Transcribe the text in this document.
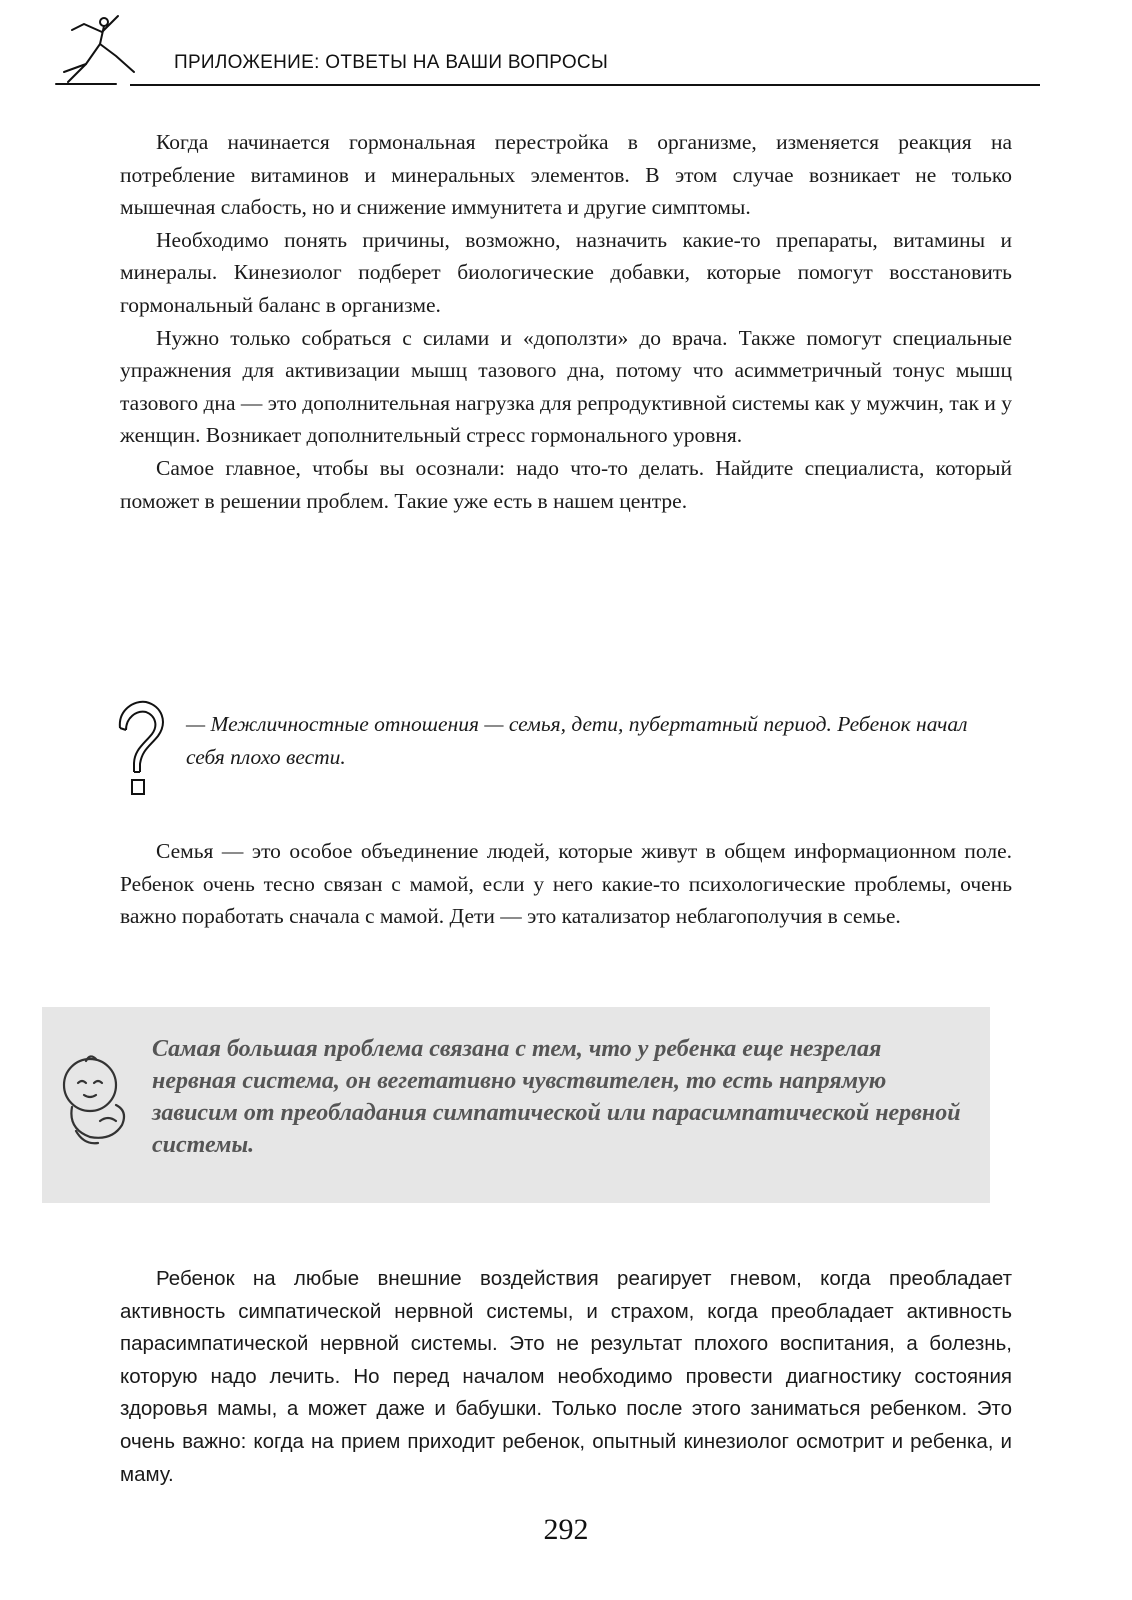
ПРИЛОЖЕНИЕ: ОТВЕТЫ НА ВАШИ ВОПРОСЫ

Когда начинается гормональная перестройка в организме, изменяется реакция на потребление витаминов и минеральных элементов. В этом случае возникает не только мышечная слабость, но и снижение иммунитета и другие симптомы.

Необходимо понять причины, возможно, назначить какие-то препараты, витамины и минералы. Кинезиолог подберет биологические добавки, которые помогут восстановить гормональный баланс в организме.

Нужно только собраться с силами и «доползти» до врача. Также помогут специальные упражнения для активизации мышц тазового дна, потому что асимметричный тонус мышц тазового дна — это дополнительная нагрузка для репродуктивной системы как у мужчин, так и у женщин. Возникает дополнительный стресс гормонального уровня.

Самое главное, чтобы вы осознали: надо что-то делать. Найдите специалиста, который поможет в решении проблем. Такие уже есть в нашем центре.

— Межличностные отношения — семья, дети, пубертатный период. Ребенок начал себя плохо вести.

Семья — это особое объединение людей, которые живут в общем информационном поле. Ребенок очень тесно связан с мамой, если у него какие-то психологические проблемы, очень важно поработать сначала с мамой. Дети — это катализатор неблагополучия в семье.

Самая большая проблема связана с тем, что у ребенка еще незрелая нервная система, он вегетативно чувствителен, то есть напрямую зависим от преобладания симпатической или парасимпатической нервной системы.

Ребенок на любые внешние воздействия реагирует гневом, когда преобладает активность симпатической нервной системы, и страхом, когда преобладает активность парасимпатической нервной системы. Это не результат плохого воспитания, а болезнь, которую надо лечить. Но перед началом необходимо провести диагностику состояния здоровья мамы, а может даже и бабушки. Только после этого заниматься ребенком. Это очень важно: когда на прием приходит ребенок, опытный кинезиолог осмотрит и ребенка, и маму.

292
